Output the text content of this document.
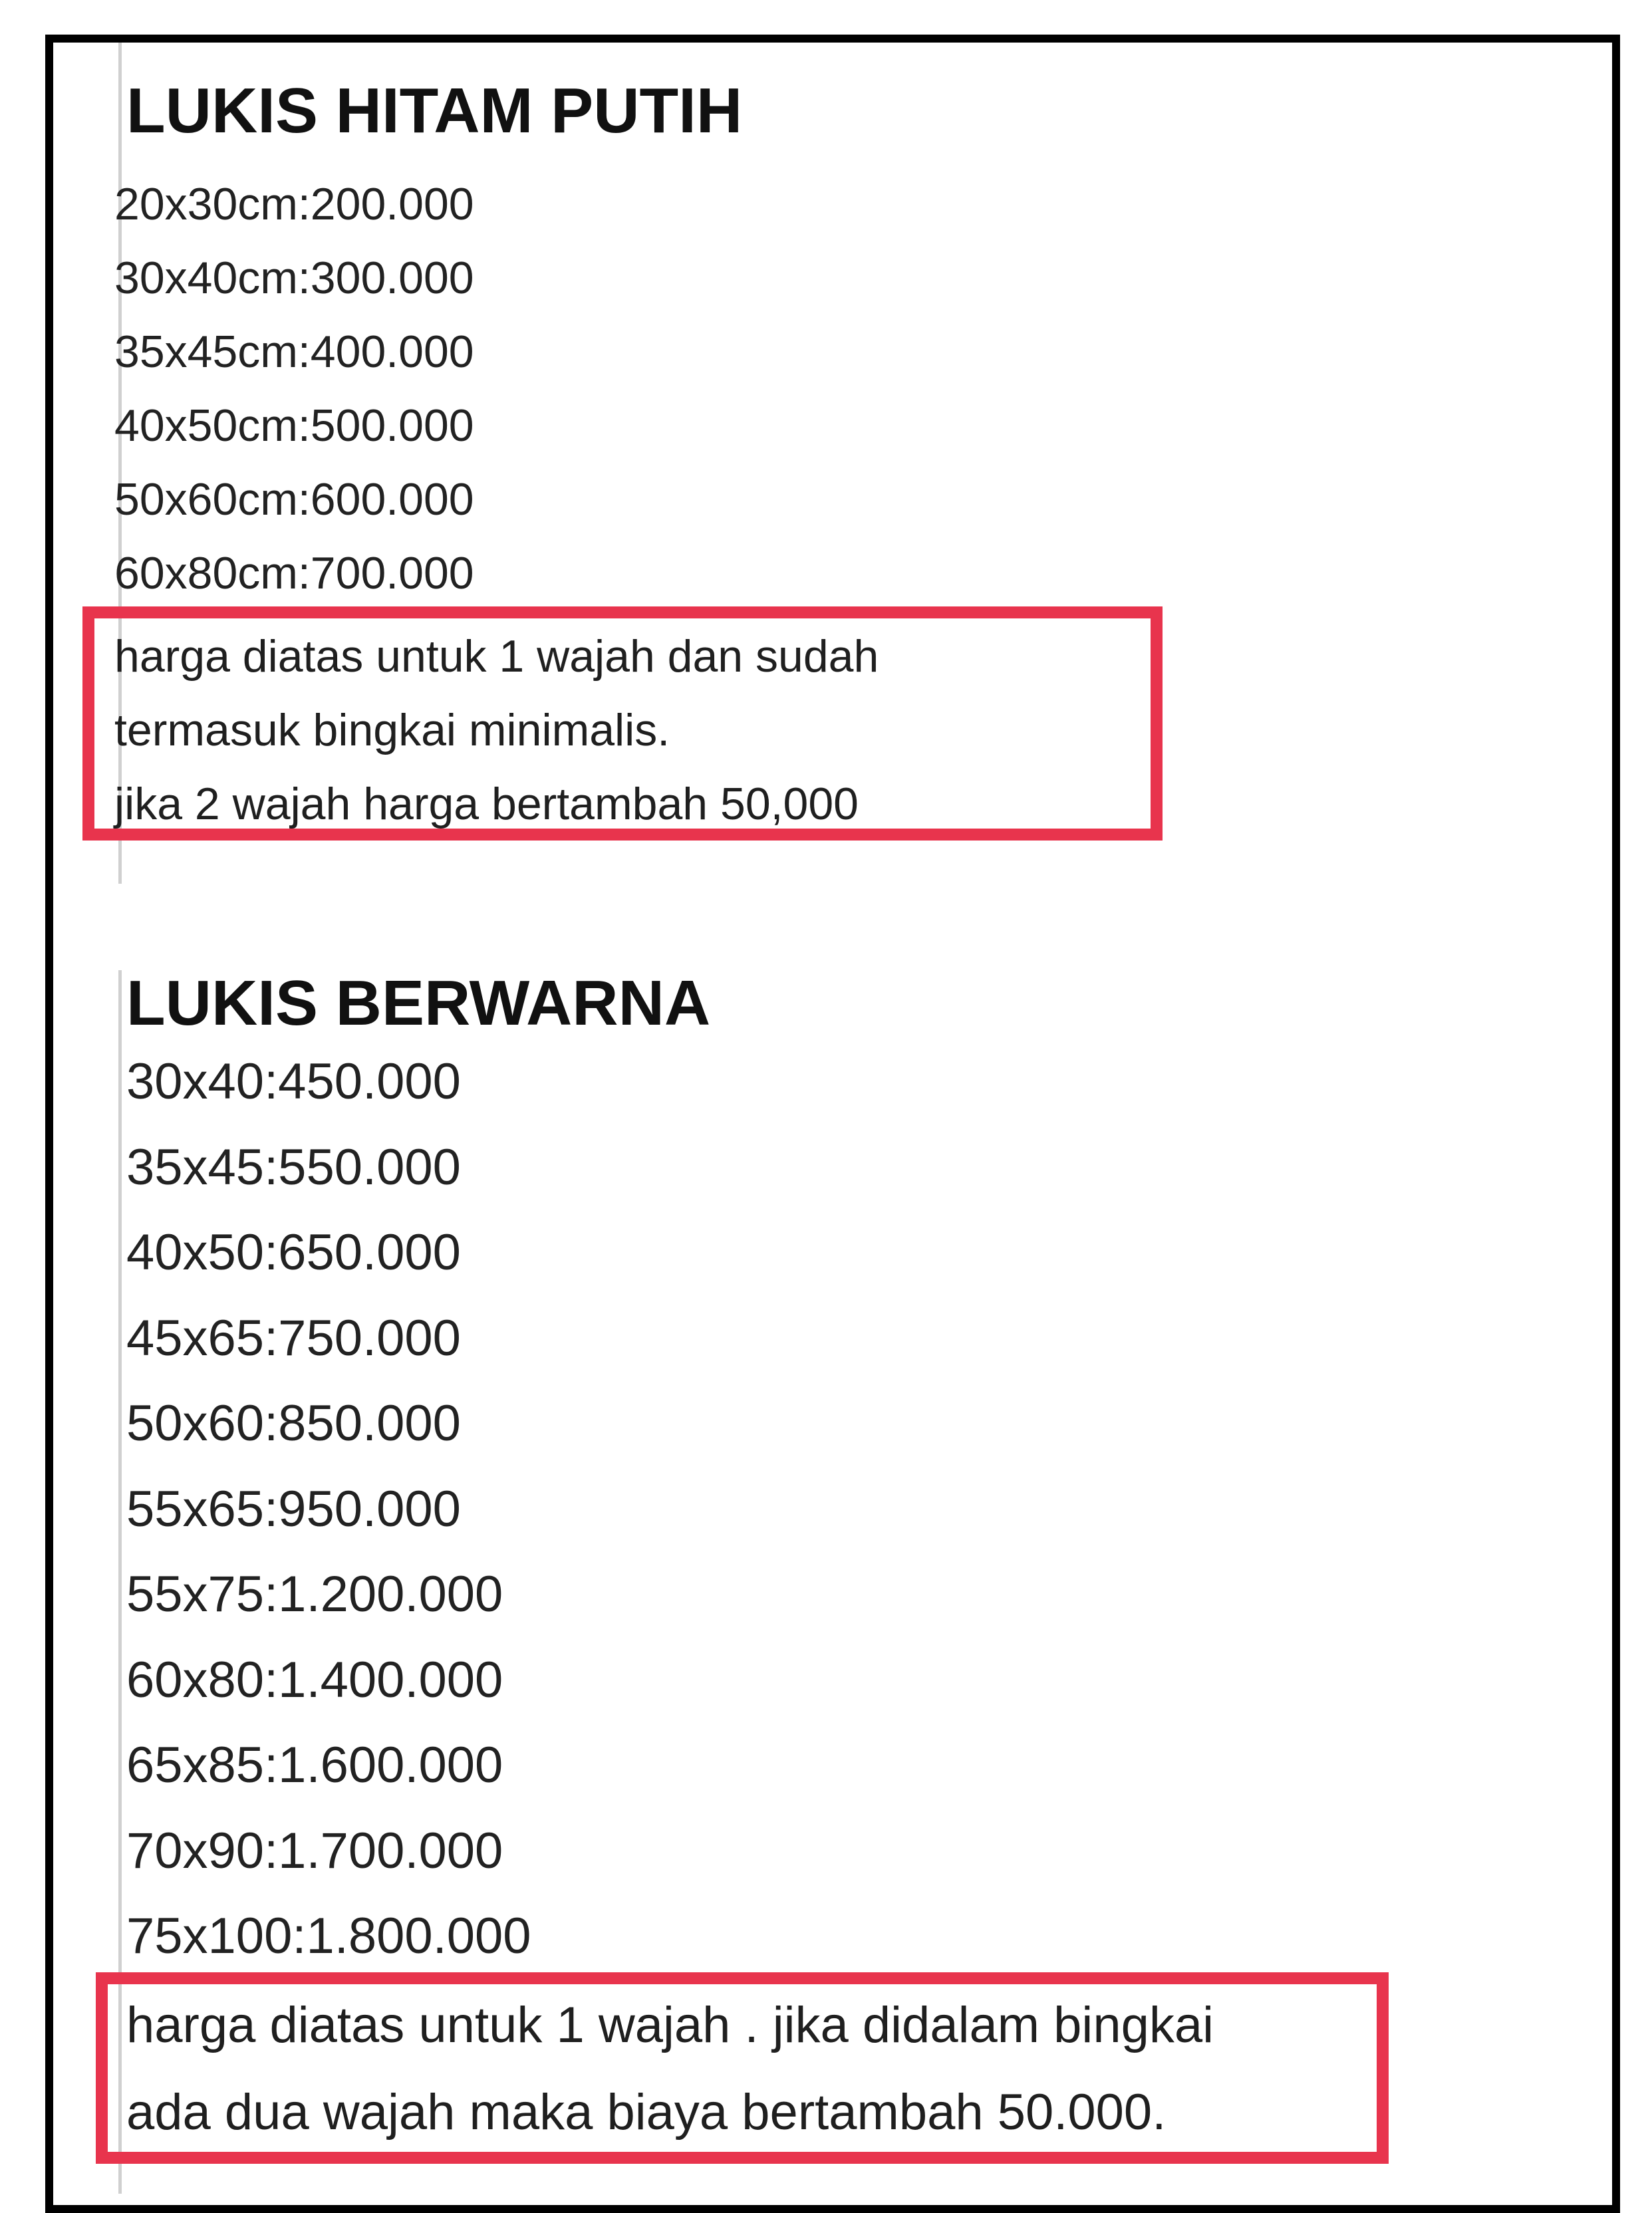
LUKIS HITAM PUTIH
20x30cm:200.000
30x40cm:300.000
35x45cm:400.000
40x50cm:500.000
50x60cm:600.000
60x80cm:700.000

harga diatas untuk 1 wajah dan sudah
termasuk bingkai minimalis.
jika 2 wajah harga bertambah 50,000

LUKIS BERWARNA
30x40:450.000
35x45:550.000
40x50:650.000
45x65:750.000
50x60:850.000
55x65:950.000
55x75:1.200.000
60x80:1.400.000
65x85:1.600.000
70x90:1.700.000
75x100:1.800.000

harga diatas untuk 1 wajah . jika didalam bingkai
ada dua wajah maka biaya bertambah 50.000.
